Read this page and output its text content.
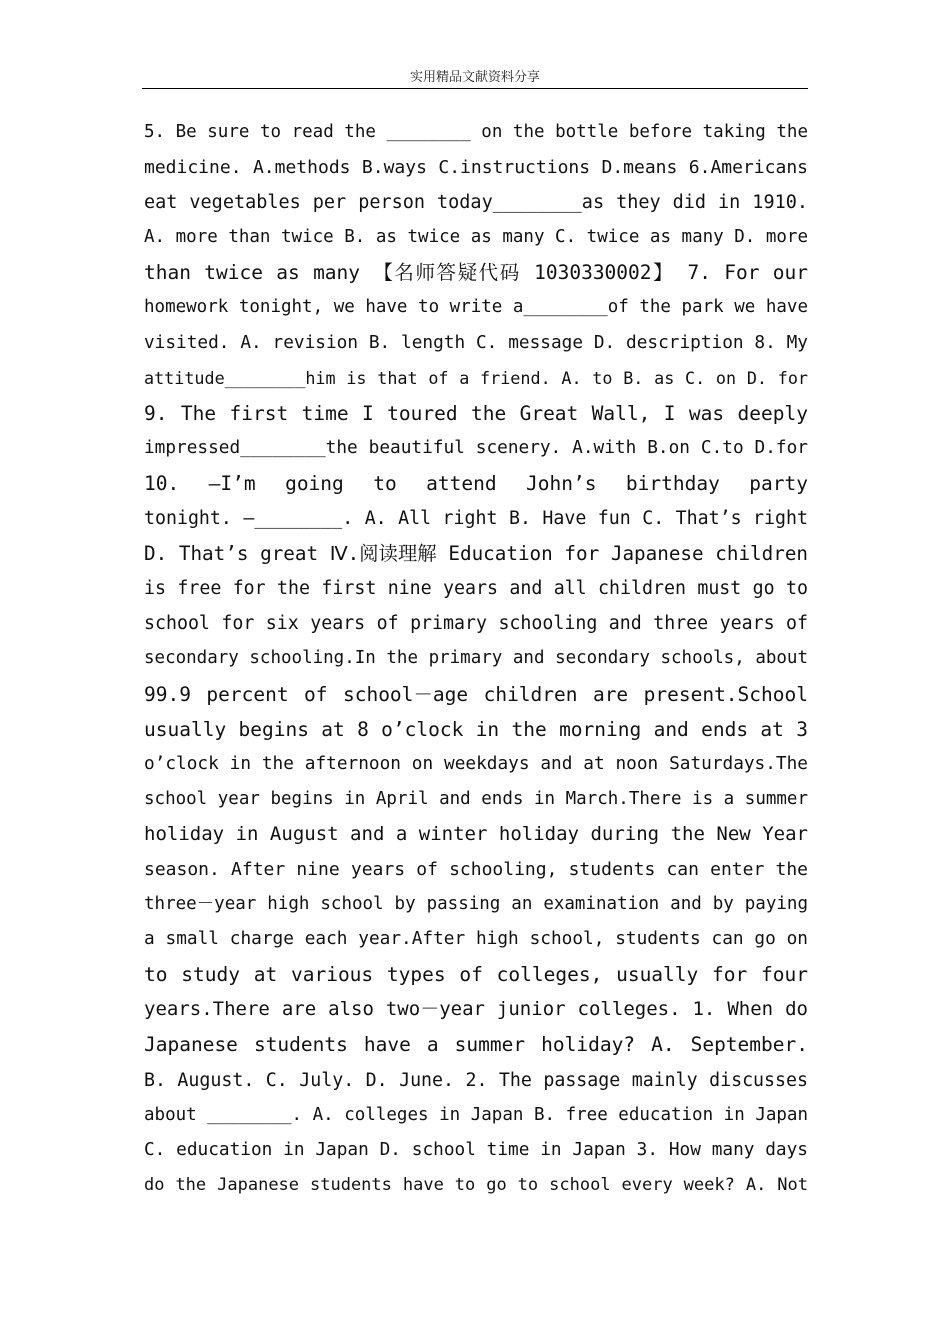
实用精品文献资料分享
5. Be sure to read the ________ on the bottle before taking the
medicine. A.methods B.ways C.instructions D.means 6.Americans
eat vegetables per person today________as they did in 1910.
A. more than twice B. as twice as many C. twice as many D. more
than twice as many 【名师答疑代码 1030330002】 7. For our
homework tonight, we have to write a________of the park we have
visited. A. revision B. length C. message D. description 8. My
attitude________him is that of a friend. A. to B. as C. on D. for
9. The first time I toured the Great Wall, I was deeply
impressed________the beautiful scenery. A.with B.on C.to D.for
10. —I’m going to attend John’s birthday party
tonight. —________. A. All right B. Have fun C. That’s right
D. That’s great Ⅳ.阅读理解 Education for Japanese children
is free for the first nine years and all children must go to
school for six years of primary schooling and three years of
secondary schooling.In the primary and secondary schools, about
99.9 percent of school－age children are present.School
usually begins at 8 o’clock in the morning and ends at 3
o’clock in the afternoon on weekdays and at noon Saturdays.The
school year begins in April and ends in March.There is a summer
holiday in August and a winter holiday during the New Year
season. After nine years of schooling, students can enter the
three－year high school by passing an examination and by paying
a small charge each year.After high school, students can go on
to study at various types of colleges, usually for four
years.There are also two－year junior colleges. 1. When do
Japanese students have a summer holiday? A. September.
B. August. C. July. D. June. 2. The passage mainly discusses
about ________. A. colleges in Japan B. free education in Japan
C. education in Japan D. school time in Japan 3. How many days
do the Japanese students have to go to school every week? A. Not
